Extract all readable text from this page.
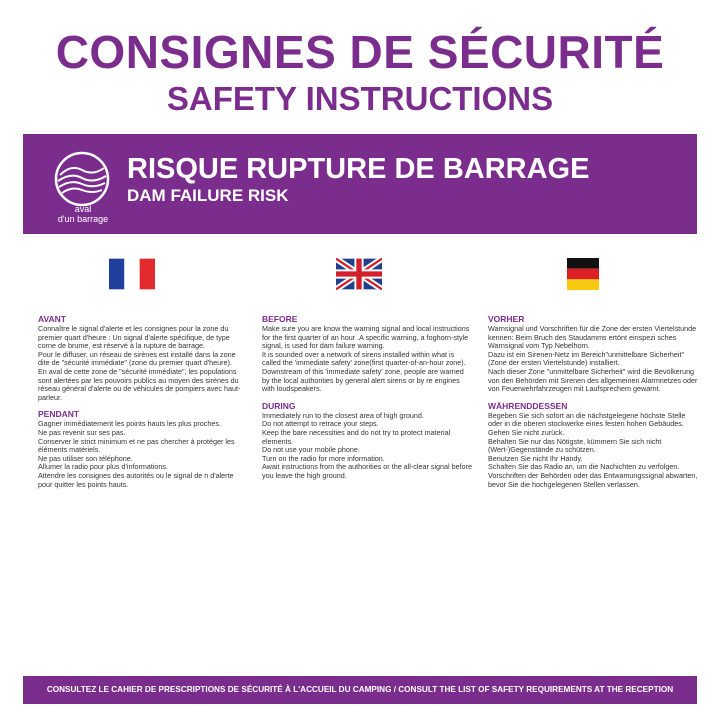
CONSIGNES DE SÉCURITÉ
SAFETY INSTRUCTIONS
aval
d'un barrage
RISQUE RUPTURE DE BARRAGE
DAM FAILURE RISK
AVANT

Connaître le signal d'alerte et les consignes pour la zone du premier quart d'heure : Un signal d'alerte spécifique, de type corne de brume, est réservé à la rupture de barrage.
Pour le diffuser, un réseau de sirènes est installé dans la zone dite de "sécurité immédiate" (zone du premier quart d'heure).
En aval de cette zone de "sécurité immédiate", les populations sont alertées par les pouvoirs publics au moyen des sirènes du réseau général d'alerte ou de véhicules de pompiers avec haut-parleur.

PENDANT

Gagner immédiatement les points hauts les plus proches.
Ne pas revenir sur ses pas.
Conserver le strict minimum et ne pas chercher à protéger les éléments matériels.
Ne pas utiliser son téléphone.
Allumer la radio pour plus d'informations.
Attendre les consignes des autorités ou le signal de n d'alerte pour quitter les points hauts.

BEFORE

Make sure you are know the warning signal and local instructions for the first quarter of an hour .A specific warning, a foghorn-style signal, is used for dam failure warning.
It is sounded over a network of sirens installed within what is called the 'immediate safety' zone(first quarter-of-an-hour zone).
Downstream of this 'immediate safety' zone, people are warned by the local authorities by general alert sirens or by re engines with loudspeakers.

DURING

Immediately run to the closest area of high ground.
Do not attempt to retrace your steps.
Keep the bare necessities and do not try to protect material elements.
Do not use your mobile phone.
Turn on the radio for more information.
Await instructions from the authorities or the all-clear signal before you leave the high ground.

VORHER

Warnsignal und Vorschriften für die Zone der ersten Viertelstunde kennen: Beim Bruch des Staudamms ertönt einspezi sches Warnsignal vom Typ Nebelhorn.
Dazu ist ein Sirenen-Netz im Bereich"unmittelbare Sicherheit" (Zone der ersten Viertelstunde) installiert.
Nach dieser Zone "unmittelbare Sicherheit" wird die Bevölkerung von den Behörden mit Sirenen des allgemeinen Alarmnetzes oder von Feuerwehrfahrzeugen mit Laufsprechem gewarnt.

WÄHRENDDESSEN

Begeben Sie sich sofort an die nächstgelegene höchste Stelle oder in die oberen stockwerke eines festen hohen Gebäudes.
Gehen Sie nicht zurück.
Behalten Sie nur das Nötigste, kümmern Sie sich nicht (Wert-)Gegenstände zu schützen.
Benutzen Sie nicht Ihr Handy.
Schalten Sie das Radio an, um die Nachichten zu verfolgen.
Vorschriften der Behörden oder das Entwamungssignal abwarten, bevor Sie die hochgelegenen Stellen verlassen.

CONSULTEZ LE CAHIER DE PRESCRIPTIONS DE SÉCURITÉ À L'ACCUEIL DU CAMPING / CONSULT THE LIST OF SAFETY REQUIREMENTS AT THE RECEPTION
